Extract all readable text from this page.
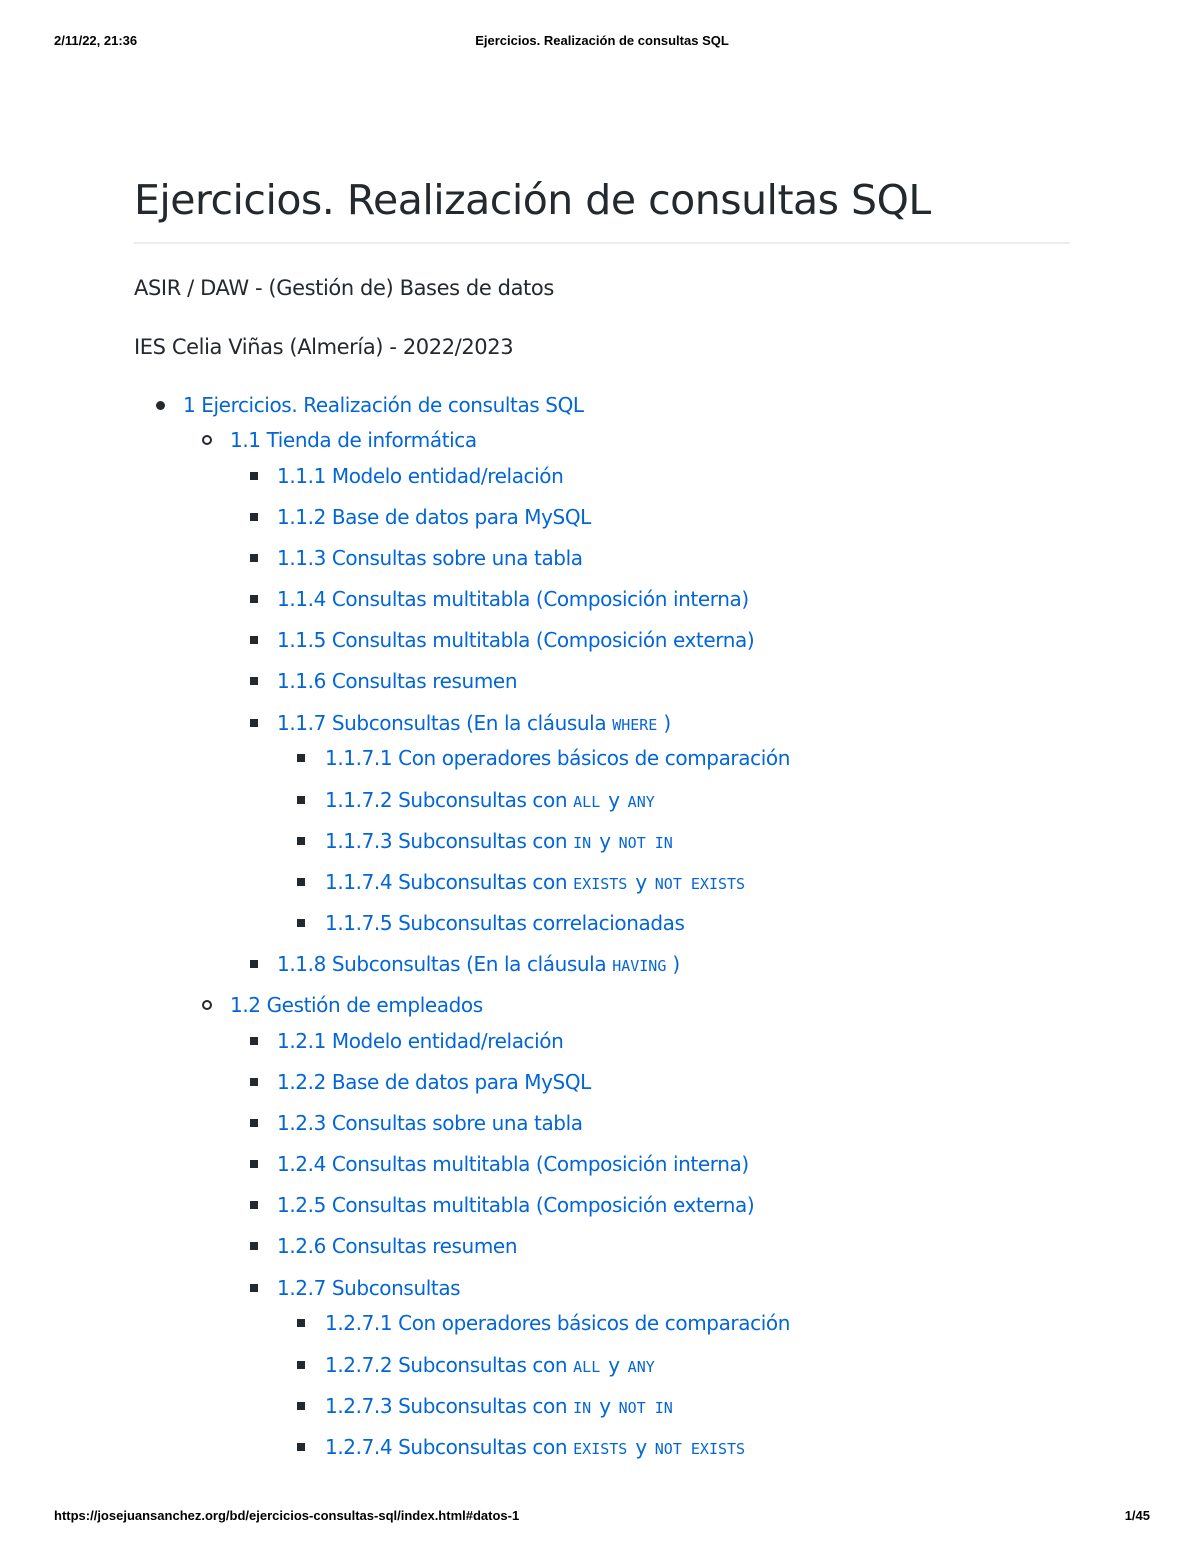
2/11/22, 21:36	Ejercicios. Realización de consultas SQL
Ejercicios. Realización de consultas SQL

ASIR / DAW - (Gestión de) Bases de datos

IES Celia Viñas (Almería) - 2022/2023

1 Ejercicios. Realización de consultas SQL
1.1 Tienda de informática
1.1.1 Modelo entidad/relación
1.1.2 Base de datos para MySQL
1.1.3 Consultas sobre una tabla
1.1.4 Consultas multitabla (Composición interna)
1.1.5 Consultas multitabla (Composición externa)
1.1.6 Consultas resumen
1.1.7 Subconsultas (En la cláusula WHERE )
1.1.7.1 Con operadores básicos de comparación
1.1.7.2 Subconsultas con ALL y ANY
1.1.7.3 Subconsultas con IN y NOT IN
1.1.7.4 Subconsultas con EXISTS y NOT EXISTS
1.1.7.5 Subconsultas correlacionadas
1.1.8 Subconsultas (En la cláusula HAVING )
1.2 Gestión de empleados
1.2.1 Modelo entidad/relación
1.2.2 Base de datos para MySQL
1.2.3 Consultas sobre una tabla
1.2.4 Consultas multitabla (Composición interna)
1.2.5 Consultas multitabla (Composición externa)
1.2.6 Consultas resumen
1.2.7 Subconsultas
1.2.7.1 Con operadores básicos de comparación
1.2.7.2 Subconsultas con ALL y ANY
1.2.7.3 Subconsultas con IN y NOT IN
1.2.7.4 Subconsultas con EXISTS y NOT EXISTS
https://josejuansanchez.org/bd/ejercicios-consultas-sql/index.html#datos-1	1/45
